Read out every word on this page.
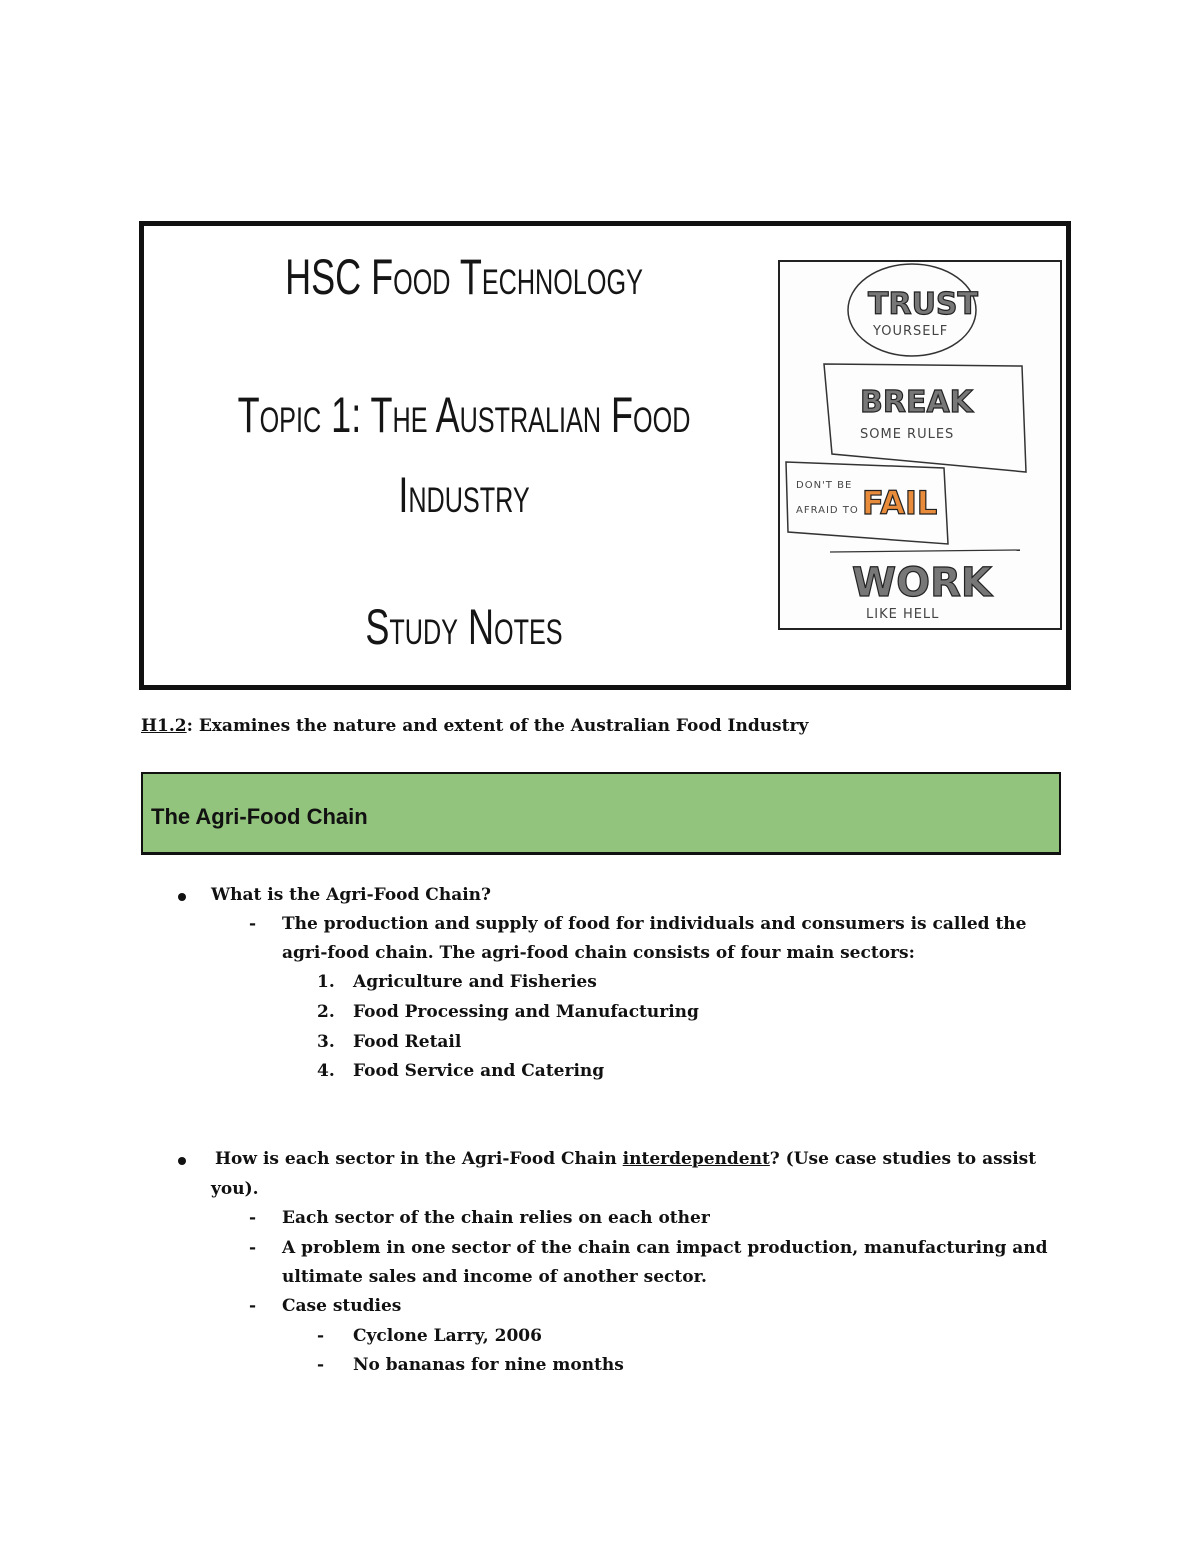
HSC Food Technology
Topic 1: The Australian Food
Industry
Study Notes
TRUST
YOURSELF
BREAK
SOME RULES
DON'T BE
AFRAID TO FAIL
WORK
LIKE HELL
H1.2: Examines the nature and extent of the Australian Food Industry
The Agri-Food Chain
What is the Agri-Food Chain?
- The production and supply of food for individuals and consumers is called the
agri-food chain. The agri-food chain consists of four main sectors:
1. Agriculture and Fisheries
2. Food Processing and Manufacturing
3. Food Retail
4. Food Service and Catering
How is each sector in the Agri-Food Chain interdependent? (Use case studies to assist
you).
- Each sector of the chain relies on each other
- A problem in one sector of the chain can impact production, manufacturing and
ultimate sales and income of another sector.
- Case studies
- Cyclone Larry, 2006
- No bananas for nine months
